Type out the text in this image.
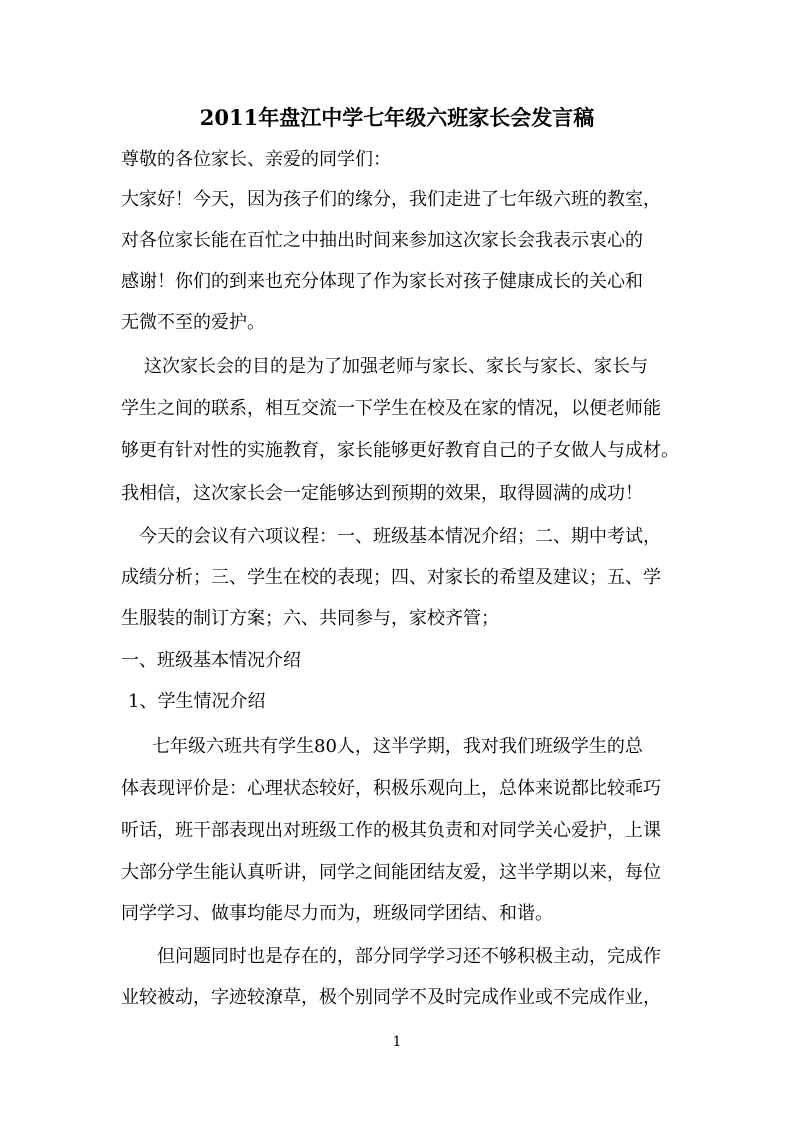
2011年盘江中学七年级六班家长会发言稿
尊敬的各位家长、亲爱的同学们：
大家好！今天，因为孩子们的缘分，我们走进了七年级六班的教室，
对各位家长能在百忙之中抽出时间来参加这次家长会我表示衷心的
感谢！你们的到来也充分体现了作为家长对孩子健康成长的关心和
无微不至的爱护。
这次家长会的目的是为了加强老师与家长、家长与家长、家长与
学生之间的联系，相互交流一下学生在校及在家的情况，以便老师能
够更有针对性的实施教育，家长能够更好教育自己的子女做人与成材。
我相信，这次家长会一定能够达到预期的效果，取得圆满的成功！
今天的会议有六项议程：一、班级基本情况介绍；二、期中考试，
成绩分析；三、学生在校的表现；四、对家长的希望及建议；五、学
生服装的制订方案；六、共同参与，家校齐管；
一、班级基本情况介绍
1、学生情况介绍
七年级六班共有学生80人，这半学期，我对我们班级学生的总
体表现评价是：心理状态较好，积极乐观向上，总体来说都比较乖巧
听话，班干部表现出对班级工作的极其负责和对同学关心爱护，上课
大部分学生能认真听讲，同学之间能团结友爱，这半学期以来，每位
同学学习、做事均能尽力而为，班级同学团结、和谐。
但问题同时也是存在的，部分同学学习还不够积极主动，完成作
业较被动，字迹较潦草，极个别同学不及时完成作业或不完成作业，
1
